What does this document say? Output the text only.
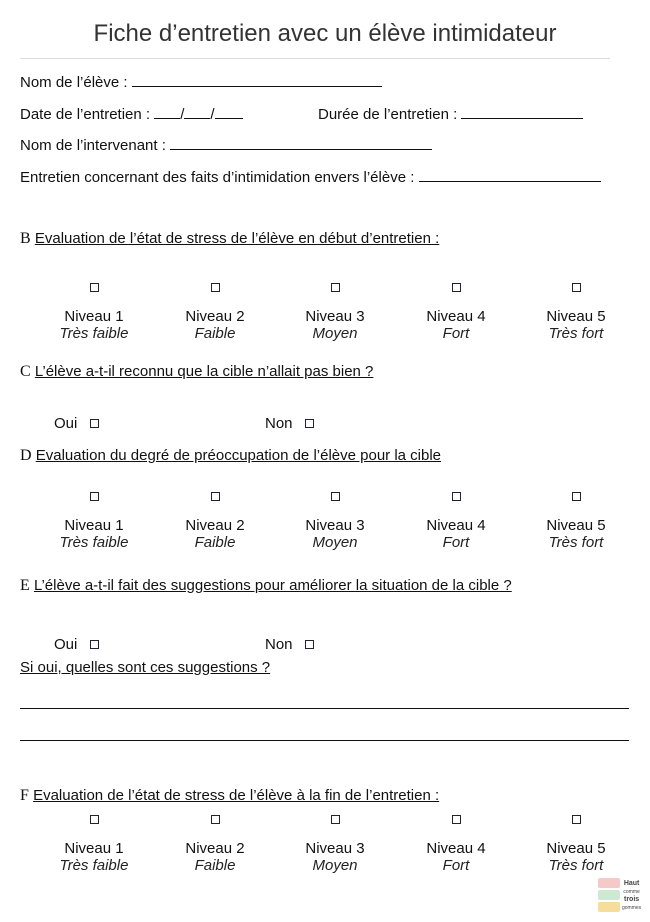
Fiche d’entretien avec un élève intimidateur
Nom de l’élève :
Date de l’entretien : / /	Durée de l’entretien :
Nom de l’intervenant :
Entretien concernant des faits d’intimidation envers l’élève :
B Evaluation de l’état de stress de l’élève en début d’entretien :
Niveau 1
Très faible
Niveau 2
Faible
Niveau 3
Moyen
Niveau 4
Fort
Niveau 5
Très fort
C L’élève a-t-il reconnu que la cible n’allait pas bien ?
Oui	Non
D Evaluation du degré de préoccupation de l’élève pour la cible
Niveau 1
Très faible
Niveau 2
Faible
Niveau 3
Moyen
Niveau 4
Fort
Niveau 5
Très fort
E L’élève a-t-il fait des suggestions pour améliorer la situation de la cible ?
Oui	Non
Si oui, quelles sont ces suggestions ?
F Evaluation de l’état de stress de l’élève à la fin de l’entretien :
Niveau 1
Très faible
Niveau 2
Faible
Niveau 3
Moyen
Niveau 4
Fort
Niveau 5
Très fort
Haut
comme
trois
gommes
